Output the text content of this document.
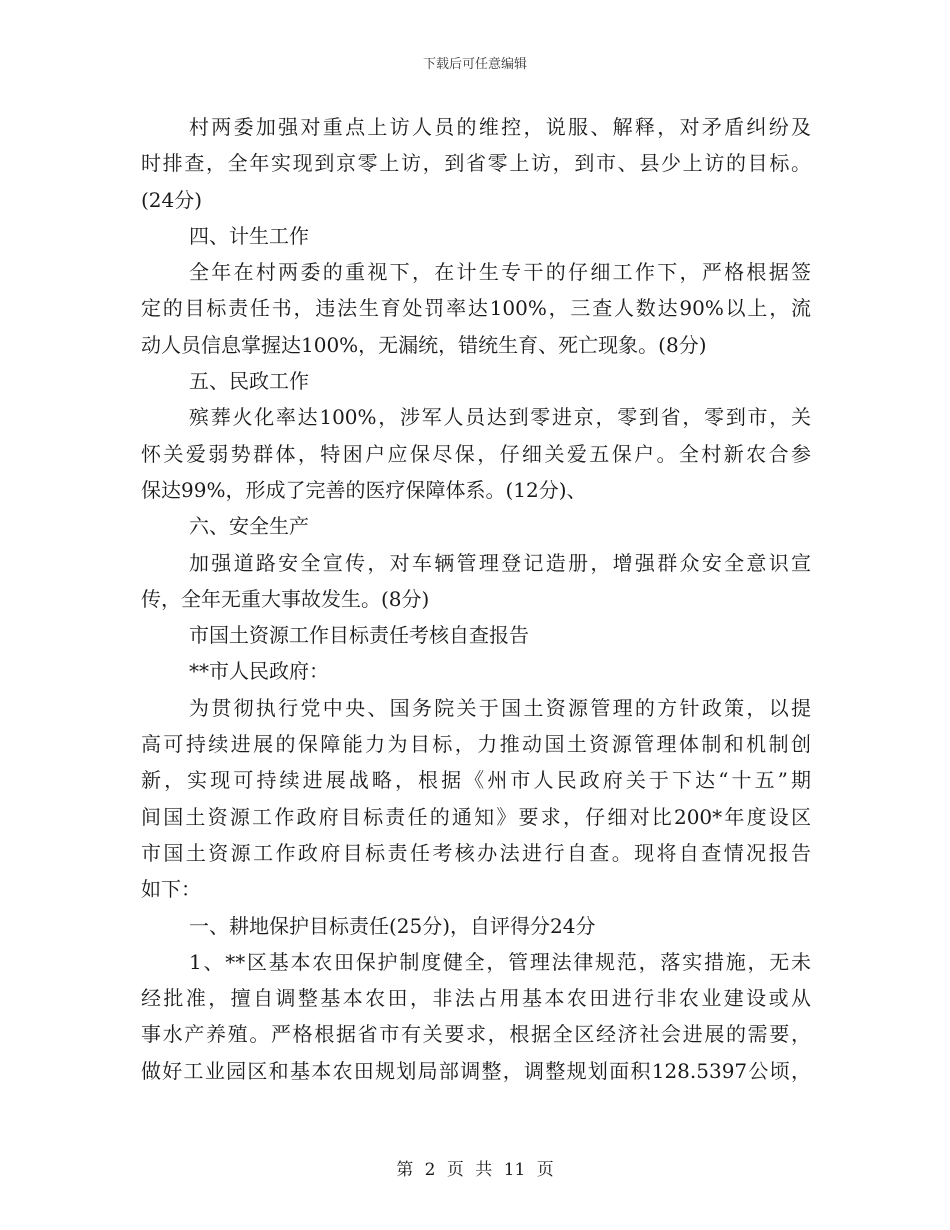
下载后可任意编辑
村两委加强对重点上访人员的维控，说服、解释，对矛盾纠纷及
时排查，全年实现到京零上访，到省零上访，到市、县少上访的目标。
(24分)
四、计生工作
全年在村两委的重视下，在计生专干的仔细工作下，严格根据签
定的目标责任书，违法生育处罚率达100%，三查人数达90%以上，流
动人员信息掌握达100%，无漏统，错统生育、死亡现象。(8分)
五、民政工作
殡葬火化率达100%，涉军人员达到零进京，零到省，零到市，关
怀关爱弱势群体，特困户应保尽保，仔细关爱五保户。全村新农合参
保达99%，形成了完善的医疗保障体系。(12分)、
六、安全生产
加强道路安全宣传，对车辆管理登记造册，增强群众安全意识宣
传，全年无重大事故发生。(8分)
市国土资源工作目标责任考核自查报告
**市人民政府：
为贯彻执行党中央、国务院关于国土资源管理的方针政策，以提
高可持续进展的保障能力为目标，力推动国土资源管理体制和机制创
新，实现可持续进展战略，根据《州市人民政府关于下达“十五”期
间国土资源工作政府目标责任的通知》要求，仔细对比200*年度设区
市国土资源工作政府目标责任考核办法进行自查。现将自查情况报告
如下：
一、耕地保护目标责任(25分)，自评得分24分
1、**区基本农田保护制度健全，管理法律规范，落实措施，无未
经批准，擅自调整基本农田，非法占用基本农田进行非农业建设或从
事水产养殖。严格根据省市有关要求，根据全区经济社会进展的需要，
做好工业园区和基本农田规划局部调整，调整规划面积128.5397公顷，
第 2 页 共 11 页
